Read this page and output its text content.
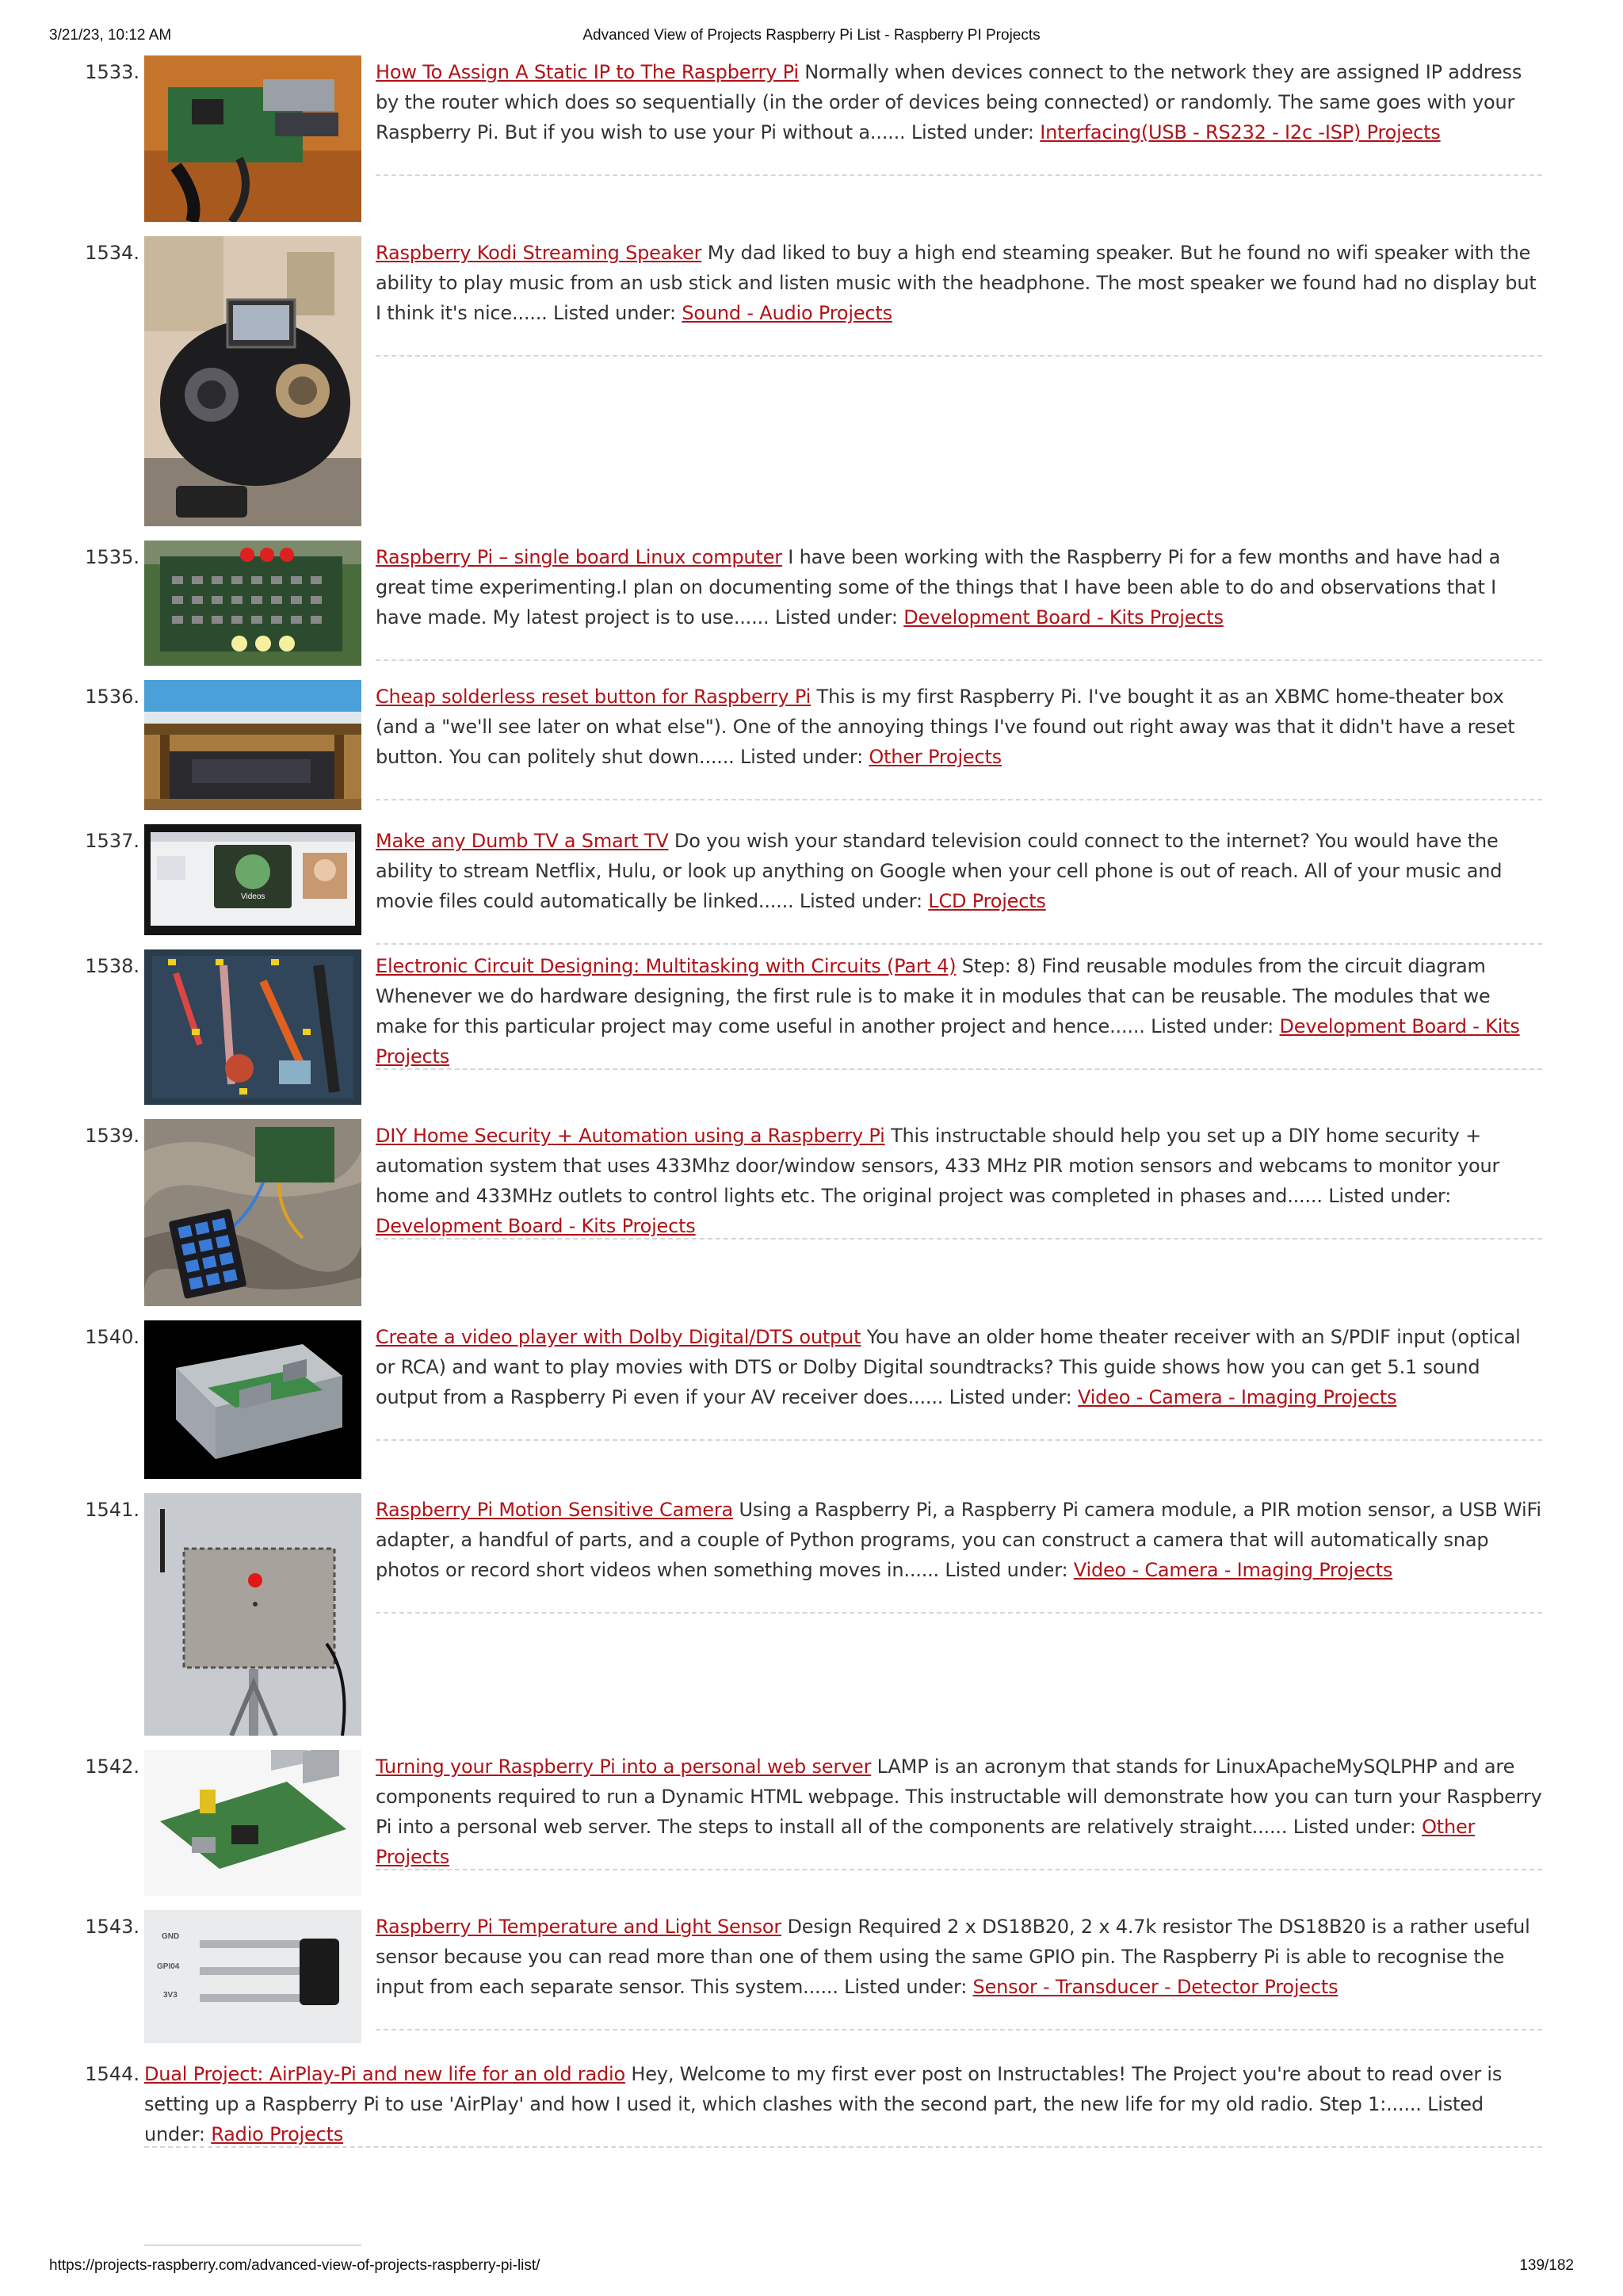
3/21/23, 10:12 AM	Advanced View of Projects Raspberry Pi List - Raspberry PI Projects
1533.	How To Assign A Static IP to The Raspberry Pi Normally when devices connect to the network they are assigned IP address by the router which does so sequentially (in the order of devices being connected) or randomly. The same goes with your Raspberry Pi. But if you wish to use your Pi without a...... Listed under: Interfacing(USB - RS232 - I2c -ISP) Projects
1534.	Raspberry Kodi Streaming Speaker My dad liked to buy a high end steaming speaker. But he found no wifi speaker with the ability to play music from an usb stick and listen music with the headphone. The most speaker we found had no display but I think it's nice...... Listed under: Sound - Audio Projects
1535.	Raspberry Pi – single board Linux computer I have been working with the Raspberry Pi for a few months and have had a great time experimenting.I plan on documenting some of the things that I have been able to do and observations that I have made. My latest project is to use...... Listed under: Development Board - Kits Projects
1536.	Cheap solderless reset button for Raspberry Pi This is my first Raspberry Pi. I've bought it as an XBMC home-theater box (and a "we'll see later on what else"). One of the annoying things I've found out right away was that it didn't have a reset button. You can politely shut down...... Listed under: Other Projects
1537.
Videos
Make any Dumb TV a Smart TV Do you wish your standard television could connect to the internet? You would have the ability to stream Netflix, Hulu, or look up anything on Google when your cell phone is out of reach. All of your music and movie files could automatically be linked...... Listed under: LCD Projects
1538.	Electronic Circuit Designing: Multitasking with Circuits (Part 4) Step: 8) Find reusable modules from the circuit diagram Whenever we do hardware designing, the first rule is to make it in modules that can be reusable. The modules that we make for this particular project may come useful in another project and hence...... Listed under: Development Board - Kits Projects
1539.	DIY Home Security + Automation using a Raspberry Pi This instructable should help you set up a DIY home security + automation system that uses 433Mhz door/window sensors, 433 MHz PIR motion sensors and webcams to monitor your home and 433MHz outlets to control lights etc. The original project was completed in phases and...... Listed under: Development Board - Kits Projects
1540.	Create a video player with Dolby Digital/DTS output You have an older home theater receiver with an S/PDIF input (optical or RCA) and want to play movies with DTS or Dolby Digital soundtracks? This guide shows how you can get 5.1 sound output from a Raspberry Pi even if your AV receiver does...... Listed under: Video - Camera - Imaging Projects
1541.	Raspberry Pi Motion Sensitive Camera Using a Raspberry Pi, a Raspberry Pi camera module, a PIR motion sensor, a USB WiFi adapter, a handful of parts, and a couple of Python programs, you can construct a camera that will automatically snap photos or record short videos when something moves in...... Listed under: Video - Camera - Imaging Projects
1542.	Turning your Raspberry Pi into a personal web server LAMP is an acronym that stands for LinuxApacheMySQLPHP and are components required to run a Dynamic HTML webpage. This instructable will demonstrate how you can turn your Raspberry Pi into a personal web server. The steps to install all of the components are relatively straight...... Listed under: Other Projects
1543.	GND
GPI04
3V3
Raspberry Pi Temperature and Light Sensor Design Required 2 x DS18B20, 2 x 4.7k resistor The DS18B20 is a rather useful sensor because you can read more than one of them using the same GPIO pin. The Raspberry Pi is able to recognise the input from each separate sensor. This system...... Listed under: Sensor - Transducer - Detector Projects
1544. Dual Project: AirPlay-Pi and new life for an old radio Hey, Welcome to my first ever post on Instructables! The Project you're about to read over is setting up a Raspberry Pi to use 'AirPlay' and how I used it, which clashes with the second part, the new life for my old radio. Step 1:...... Listed under: Radio Projects
https://projects-raspberry.com/advanced-view-of-projects-raspberry-pi-list/	139/182
